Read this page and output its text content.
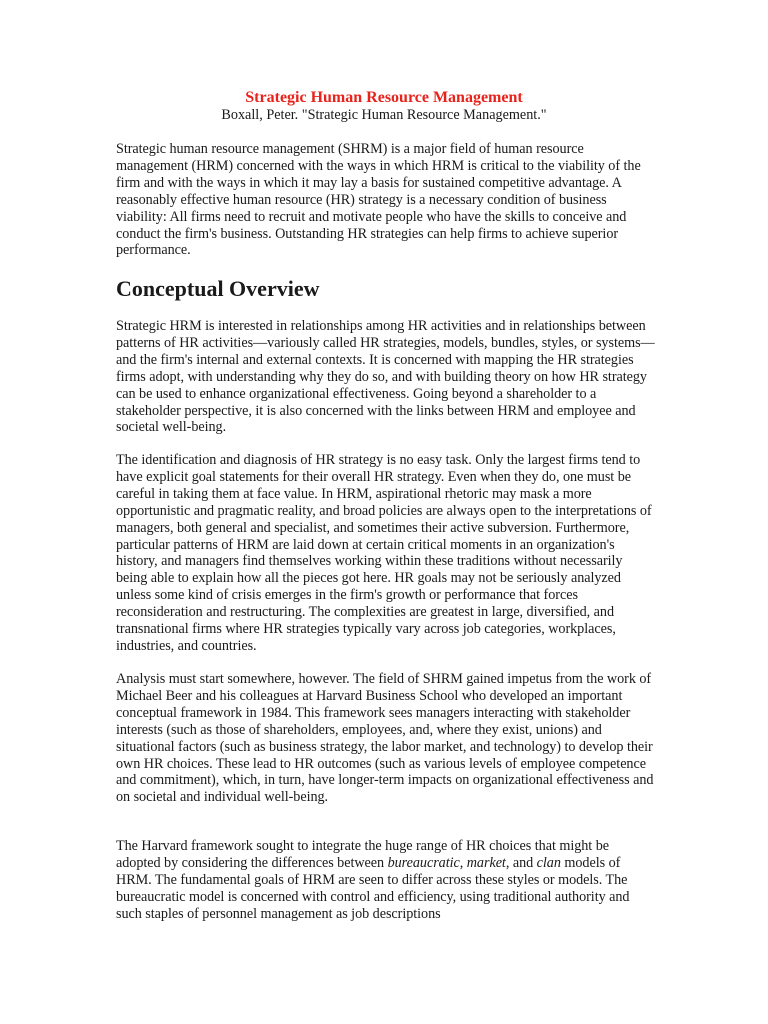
Strategic Human Resource Management

Boxall, Peter. "Strategic Human Resource Management."

Strategic human resource management (SHRM) is a major field of human resource management (HRM) concerned with the ways in which HRM is critical to the viability of the firm and with the ways in which it may lay a basis for sustained competitive advantage. A reasonably effective human resource (HR) strategy is a necessary condition of business viability: All firms need to recruit and motivate people who have the skills to conceive and conduct the firm's business. Outstanding HR strategies can help firms to achieve superior performance.

Conceptual Overview

Strategic HRM is interested in relationships among HR activities and in relationships between patterns of HR activities—variously called HR strategies, models, bundles, styles, or systems—and the firm's internal and external contexts. It is concerned with mapping the HR strategies firms adopt, with understanding why they do so, and with building theory on how HR strategy can be used to enhance organizational effectiveness. Going beyond a shareholder to a stakeholder perspective, it is also concerned with the links between HRM and employee and societal well-being.

The identification and diagnosis of HR strategy is no easy task. Only the largest firms tend to have explicit goal statements for their overall HR strategy. Even when they do, one must be careful in taking them at face value. In HRM, aspirational rhetoric may mask a more opportunistic and pragmatic reality, and broad policies are always open to the interpretations of managers, both general and specialist, and sometimes their active subversion. Furthermore, particular patterns of HRM are laid down at certain critical moments in an organization's history, and managers find themselves working within these traditions without necessarily being able to explain how all the pieces got here. HR goals may not be seriously analyzed unless some kind of crisis emerges in the firm's growth or performance that forces reconsideration and restructuring. The complexities are greatest in large, diversified, and transnational firms where HR strategies typically vary across job categories, workplaces, industries, and countries.

Analysis must start somewhere, however. The field of SHRM gained impetus from the work of Michael Beer and his colleagues at Harvard Business School who developed an important conceptual framework in 1984. This framework sees managers interacting with stakeholder interests (such as those of shareholders, employees, and, where they exist, unions) and situational factors (such as business strategy, the labor market, and technology) to develop their own HR choices. These lead to HR outcomes (such as various levels of employee competence and commitment), which, in turn, have longer-term impacts on organizational effectiveness and on societal and individual well-being.

The Harvard framework sought to integrate the huge range of HR choices that might be adopted by considering the differences between bureaucratic, market, and clan models of HRM. The fundamental goals of HRM are seen to differ across these styles or models. The bureaucratic model is concerned with control and efficiency, using traditional authority and such staples of personnel management as job descriptions
